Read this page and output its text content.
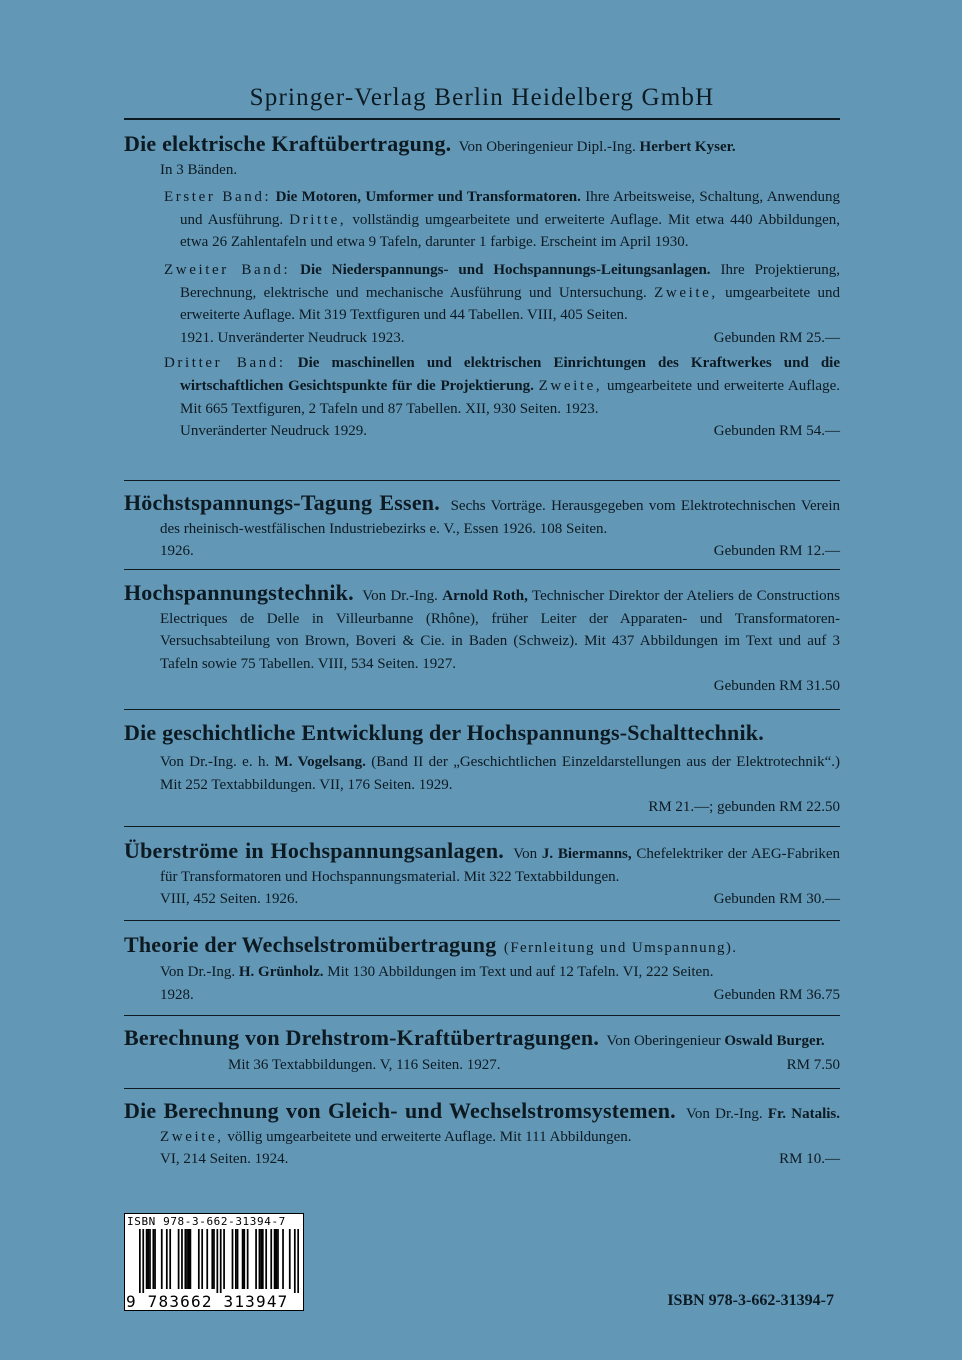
Springer-Verlag Berlin Heidelberg GmbH

Die elektrische Kraftübertragung. Von Oberingenieur Dipl.-Ing. Herbert Kyser.
In 3 Bänden.

Erster Band: Die Motoren, Umformer und Transformatoren. Ihre Arbeitsweise, Schaltung, Anwendung und Ausführung. Dritte, vollständig umgearbeitete und erweiterte Auflage. Mit etwa 440 Abbildungen, etwa 26 Zahlentafeln und etwa 9 Tafeln, darunter 1 farbige. Erscheint im April 1930.

Zweiter Band: Die Niederspannungs- und Hochspannungs-Leitungsanlagen. Ihre Projektierung, Berechnung, elektrische und mechanische Ausführung und Untersuchung. Zweite, umgearbeitete und erweiterte Auflage. Mit 319 Textfiguren und 44 Tabellen. VIII, 405 Seiten.

1921. Unveränderter Neudruck 1923.	Gebunden RM 25.—

Dritter Band: Die maschinellen und elektrischen Einrichtungen des Kraftwerkes und die wirtschaftlichen Gesichtspunkte für die Projektierung. Zweite, umgearbeitete und erweiterte Auflage. Mit 665 Textfiguren, 2 Tafeln und 87 Tabellen. XII, 930 Seiten. 1923.

Unveränderter Neudruck 1929.	Gebunden RM 54.—

Höchstspannungs-Tagung Essen. Sechs Vorträge. Herausgegeben vom Elektrotechnischen Verein des rheinisch-westfälischen Industriebezirks e. V., Essen 1926. 108 Seiten.

1926.	Gebunden RM 12.—

Hochspannungstechnik. Von Dr.-Ing. Arnold Roth, Technischer Direktor der Ateliers de Constructions Electriques de Delle in Villeurbanne (Rhône), früher Leiter der Apparaten- und Transformatoren-Versuchsabteilung von Brown, Boveri & Cie. in Baden (Schweiz). Mit 437 Abbildungen im Text und auf 3 Tafeln sowie 75 Tabellen. VIII, 534 Seiten. 1927.

Gebunden RM 31.50

Die geschichtliche Entwicklung der Hochspannungs-Schalttechnik.

Von Dr.-Ing. e. h. M. Vogelsang. (Band II der „Geschichtlichen Einzeldarstellungen aus der Elektrotechnik“.) Mit 252 Textabbildungen. VII, 176 Seiten. 1929.

RM 21.—; gebunden RM 22.50

Überströme in Hochspannungsanlagen. Von J. Biermanns, Chefelektriker der AEG-Fabriken für Transformatoren und Hochspannungsmaterial. Mit 322 Textabbildungen.

VIII, 452 Seiten. 1926.	Gebunden RM 30.—

Theorie der Wechselstromübertragung (Fernleitung und Umspannung).

Von Dr.-Ing. H. Grünholz. Mit 130 Abbildungen im Text und auf 12 Tafeln. VI, 222 Seiten.

1928.	Gebunden RM 36.75

Berechnung von Drehstrom-Kraftübertragungen. Von Oberingenieur Oswald Burger.

Mit 36 Textabbildungen. V, 116 Seiten. 1927.	RM 7.50

Die Berechnung von Gleich- und Wechselstromsystemen. Von Dr.-Ing. Fr. Natalis. Zweite, völlig umgearbeitete und erweiterte Auflage. Mit 111 Abbildungen.

VI, 214 Seiten. 1924.	RM 10.—
ISBN 978-3-662-31394-7
9 783662 313947	ISBN 978-3-662-31394-7
